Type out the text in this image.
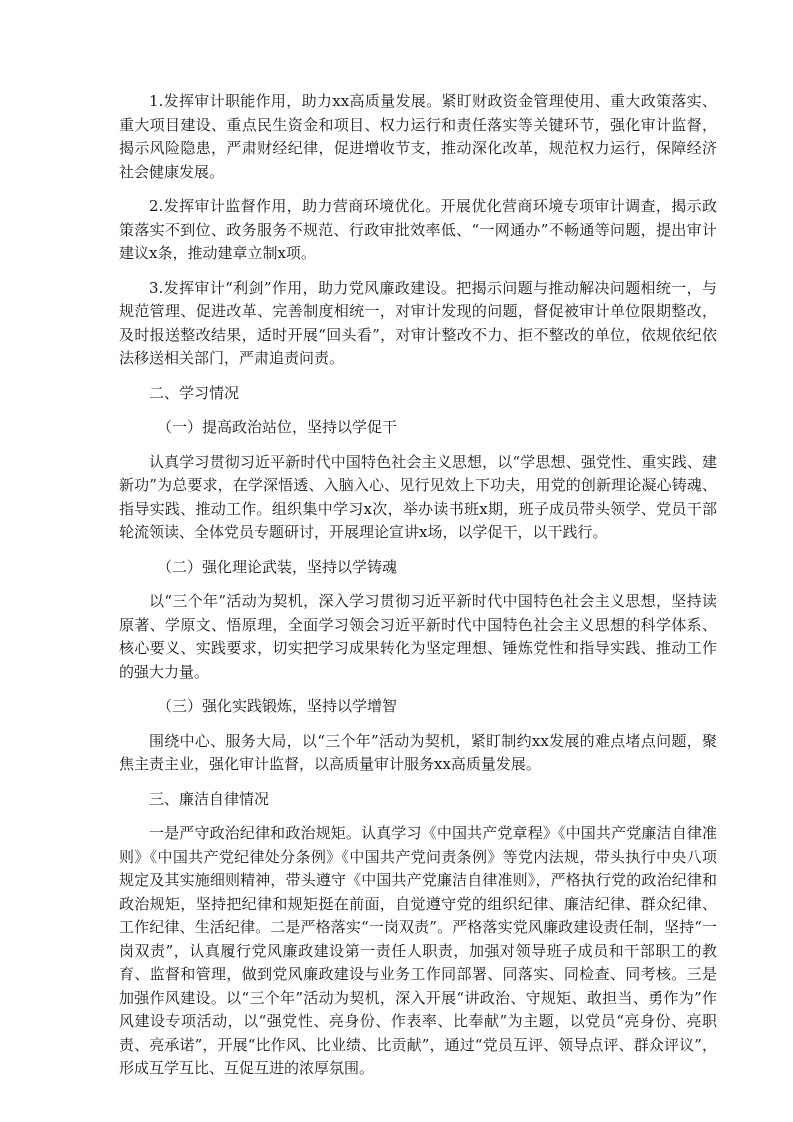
1.发挥审计职能作用，助力xx高质量发展。紧盯财政资金管理使用、重大政策落实、重大项目建设、重点民生资金和项目、权力运行和责任落实等关键环节，强化审计监督，揭示风险隐患，严肃财经纪律，促进增收节支，推动深化改革，规范权力运行，保障经济社会健康发展。

2.发挥审计监督作用，助力营商环境优化。开展优化营商环境专项审计调查，揭示政策落实不到位、政务服务不规范、行政审批效率低、“一网通办”不畅通等问题，提出审计建议x条，推动建章立制x项。

3.发挥审计“利剑”作用，助力党风廉政建设。把揭示问题与推动解决问题相统一，与规范管理、促进改革、完善制度相统一，对审计发现的问题，督促被审计单位限期整改，及时报送整改结果，适时开展“回头看”，对审计整改不力、拒不整改的单位，依规依纪依法移送相关部门，严肃追责问责。

二、学习情况

（一）提高政治站位，坚持以学促干

认真学习贯彻习近平新时代中国特色社会主义思想，以“学思想、强党性、重实践、建新功”为总要求，在学深悟透、入脑入心、见行见效上下功夫，用党的创新理论凝心铸魂、指导实践、推动工作。组织集中学习x次，举办读书班x期，班子成员带头领学、党员干部轮流领读、全体党员专题研讨，开展理论宣讲x场，以学促干，以干践行。

（二）强化理论武装，坚持以学铸魂

以“三个年”活动为契机，深入学习贯彻习近平新时代中国特色社会主义思想，坚持读原著、学原文、悟原理，全面学习领会习近平新时代中国特色社会主义思想的科学体系、核心要义、实践要求，切实把学习成果转化为坚定理想、锤炼党性和指导实践、推动工作的强大力量。

（三）强化实践锻炼，坚持以学增智

围绕中心、服务大局，以“三个年”活动为契机，紧盯制约xx发展的难点堵点问题，聚焦主责主业，强化审计监督，以高质量审计服务xx高质量发展。

三、廉洁自律情况

一是严守政治纪律和政治规矩。认真学习《中国共产党章程》《中国共产党廉洁自律准则》《中国共产党纪律处分条例》《中国共产党问责条例》等党内法规，带头执行中央八项规定及其实施细则精神，带头遵守《中国共产党廉洁自律准则》，严格执行党的政治纪律和政治规矩，坚持把纪律和规矩挺在前面，自觉遵守党的组织纪律、廉洁纪律、群众纪律、工作纪律、生活纪律。二是严格落实“一岗双责”。严格落实党风廉政建设责任制，坚持“一岗双责”，认真履行党风廉政建设第一责任人职责，加强对领导班子成员和干部职工的教育、监督和管理，做到党风廉政建设与业务工作同部署、同落实、同检查、同考核。三是加强作风建设。以“三个年”活动为契机，深入开展“讲政治、守规矩、敢担当、勇作为”作风建设专项活动，以“强党性、亮身份、作表率、比奉献”为主题，以党员“亮身份、亮职责、亮承诺”，开展“比作风、比业绩、比贡献”，通过“党员互评、领导点评、群众评议”，形成互学互比、互促互进的浓厚氛围。
